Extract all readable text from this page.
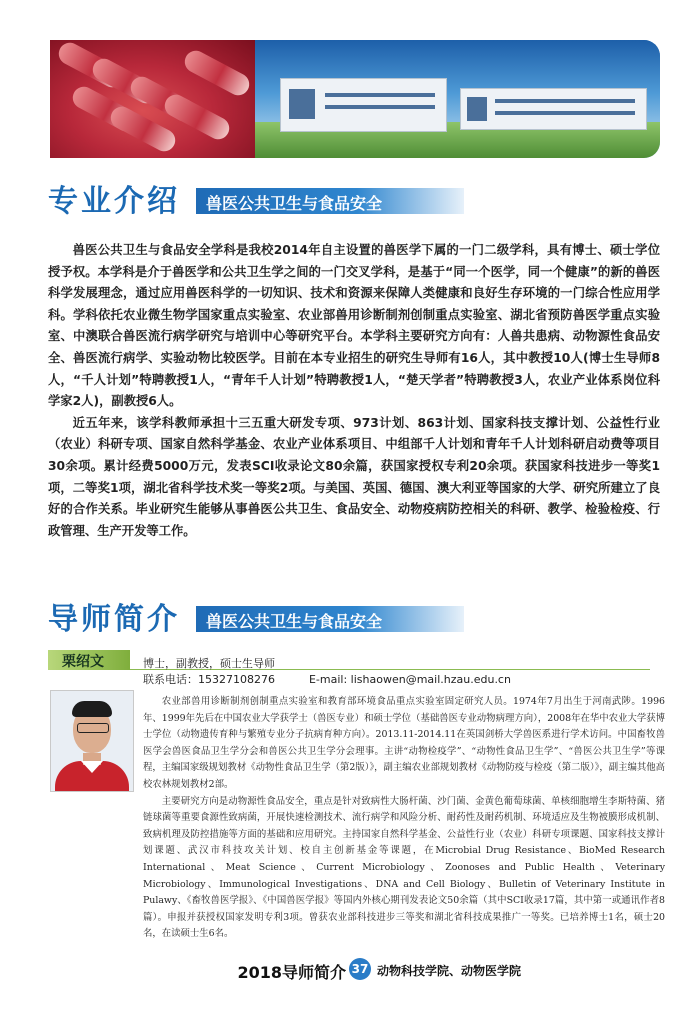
专业介绍 兽医公共卫生与食品安全

兽医公共卫生与食品安全学科是我校2014年自主设置的兽医学下属的一门二级学科，具有博士、硕士学位授予权。本学科是介于兽医学和公共卫生学之间的一门交叉学科，是基于“同一个医学，同一个健康”的新的兽医科学发展理念，通过应用兽医科学的一切知识、技术和资源来保障人类健康和良好生存环境的一门综合性应用学科。学科依托农业微生物学国家重点实验室、农业部兽用诊断制剂创制重点实验室、湖北省预防兽医学重点实验室、中澳联合兽医流行病学研究与培训中心等研究平台。本学科主要研究方向有：人兽共患病、动物源性食品安全、兽医流行病学、实验动物比较医学。目前在本专业招生的研究生导师有16人，其中教授10人(博士生导师8人，“千人计划”特聘教授1人，“青年千人计划”特聘教授1人，“楚天学者”特聘教授3人，农业产业体系岗位科学家2人)，副教授6人。

近五年来，该学科教师承担十三五重大研发专项、973计划、863计划、国家科技支撑计划、公益性行业（农业）科研专项、国家自然科学基金、农业产业体系项目、中组部千人计划和青年千人计划科研启动费等项目30余项。累计经费5000万元，发表SCI收录论文80余篇，获国家授权专利20余项。获国家科技进步一等奖1项，二等奖1项，湖北省科学技术奖一等奖2项。与美国、英国、德国、澳大利亚等国家的大学、研究所建立了良好的合作关系。毕业研究生能够从事兽医公共卫生、食品安全、动物疫病防控相关的科研、教学、检验检疫、行政管理、生产开发等工作。

导师简介 兽医公共卫生与食品安全
栗绍文	博士，副教授，硕士生导师
联系电话：15327108276	E-mail: lishaowen@mail.hzau.edu.cn

农业部兽用诊断制剂创制重点实验室和教育部环境食品重点实验室固定研究人员。1974年7月出生于河南武陟。1996年、1999年先后在中国农业大学获学士（兽医专业）和硕士学位（基础兽医专业动物病理方向），2008年在华中农业大学获博士学位（动物遗传育种与繁殖专业分子抗病育种方向）。2013.11-2014.11在英国剑桥大学兽医系进行学术访问。中国畜牧兽医学会兽医食品卫生学分会和兽医公共卫生学分会理事。主讲“动物检疫学”、“动物性食品卫生学”、“兽医公共卫生学”等课程，主编国家级规划教材《动物性食品卫生学（第2版）》，副主编农业部规划教材《动物防疫与检疫（第二版）》，副主编其他高校农林规划教材2部。

主要研究方向是动物源性食品安全，重点是针对致病性大肠杆菌、沙门菌、金黄色葡萄球菌、单核细胞增生李斯特菌、猪链球菌等重要食源性致病菌，开展快速检测技术、流行病学和风险分析、耐药性及耐药机制、环境适应及生物被膜形成机制、致病机理及防控措施等方面的基础和应用研究。主持国家自然科学基金、公益性行业（农业）科研专项课题、国家科技支撑计划课题、武汉市科技攻关计划、校自主创新基金等课题，在Microbial Drug Resistance、BioMed Research International、Meat Science、Current Microbiology、Zoonoses and Public Health、Veterinary Microbiology、Immunological Investigations、DNA and Cell Biology、Bulletin of Veterinary Institute in Pulawy、《畜牧兽医学报》、《中国兽医学报》等国内外核心期刊发表论文50余篇（其中SCI收录17篇，其中第一或通讯作者8篇）。申报并获授权国家发明专利3项。曾获农业部科技进步三等奖和湖北省科技成果推广一等奖。已培养博士1名，硕士20名，在读硕士生6名。

2018导师简介 37 动物科技学院、动物医学院
